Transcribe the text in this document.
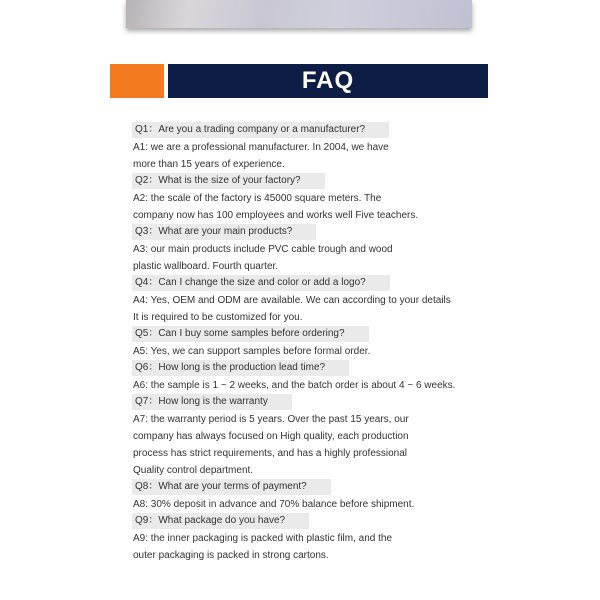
FAQ
Q1：Are you a trading company or a manufacturer?
A1: we are a professional manufacturer. In 2004, we have
more than 15 years of experience.
Q2：What is the size of your factory?
A2: the scale of the factory is 45000 square meters. The
company now has 100 employees and works well Five teachers.
Q3：What are your main products?
A3: our main products include PVC cable trough and wood
plastic wallboard. Fourth quarter.
Q4：Can I change the size and color or add a logo?
A4: Yes, OEM and ODM are available. We can according to your details
It is required to be customized for you.
Q5：Can I buy some samples before ordering?
A5: Yes, we can support samples before formal order.
Q6：How long is the production lead time?
A6: the sample is 1 ~ 2 weeks, and the batch order is about 4 ~ 6 weeks.
Q7：How long is the warranty
A7: the warranty period is 5 years. Over the past 15 years, our
company has always focused on High quality, each production
process has strict requirements, and has a highly professional
Quality control department.
Q8：What are your terms of payment?
A8: 30% deposit in advance and 70% balance before shipment.
Q9：What package do you have?
A9: the inner packaging is packed with plastic film, and the
outer packaging is packed in strong cartons.
